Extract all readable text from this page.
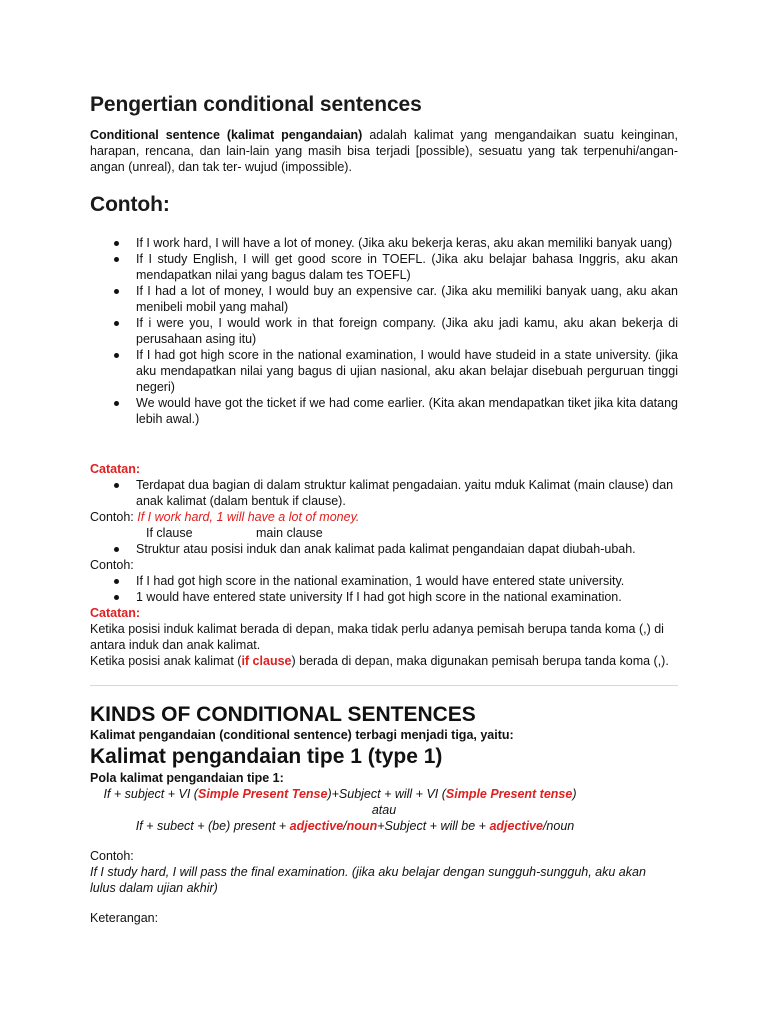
Pengertian conditional sentences
Conditional sentence (kalimat pengandaian) adalah kalimat yang mengandaikan suatu keinginan, harapan, rencana, dan lain-lain yang masih bisa terjadi [possible), sesuatu yang tak terpenuhi/angan-angan (unreal), dan tak ter- wujud (impossible).
Contoh:
If I work hard, I will have a lot of money. (Jika aku bekerja keras, aku akan memiliki banyak uang)
If I study English, I will get good score in TOEFL. (Jika aku belajar bahasa Inggris, aku akan mendapatkan nilai yang bagus dalam tes TOEFL)
If I had a lot of money, I would buy an expensive car. (Jika aku memiliki banyak uang, aku akan menibeli mobil yang mahal)
If i were you, I would work in that foreign company. (Jika aku jadi kamu, aku akan bekerja di perusahaan asing itu)
If I had got high score in the national examination, I would have studeid in a state university. (jika aku mendapatkan nilai yang bagus di ujian nasional, aku akan belajar disebuah perguruan tinggi negeri)
We would have got the ticket if we had come earlier. (Kita akan mendapatkan tiket jika kita datang lebih awal.)
Catatan:
Terdapat dua bagian di dalam struktur kalimat pengadaian. yaitu mduk Kalimat (main clause) dan anak kalimat (dalam bentuk if clause).
Contoh: If I work hard, 1 will have a lot of money.
If clause	main clause
Struktur atau posisi induk dan anak kalimat pada kalimat pengandaian dapat diubah-ubah.
Contoh:
If I had got high score in the national examination, 1 would have entered state university.
1 would have entered state university If I had got high score in the national examination.
Catatan:
Ketika posisi induk kalimat berada di depan, maka tidak perlu adanya pemisah berupa tanda koma (,) di antara induk dan anak kalimat.
Ketika posisi anak kalimat (if clause) berada di depan, maka digunakan pemisah berupa tanda koma (,).
KINDS OF CONDITIONAL SENTENCES
Kalimat pengandaian (conditional sentence) terbagi menjadi tiga, yaitu:
Kalimat pengandaian tipe 1 (type 1)
Pola kalimat pengandaian tipe 1:
If + subject + VI (Simple Present Tense)+Subject + will + VI (Simple Present tense)
atau
If + subect + (be) present + adjective/noun+Subject + will be + adjective/noun
Contoh:
If I study hard, I will pass the final examination. (jika aku belajar dengan sungguh-sungguh, aku akan lulus dalam ujian akhir)
Keterangan:
